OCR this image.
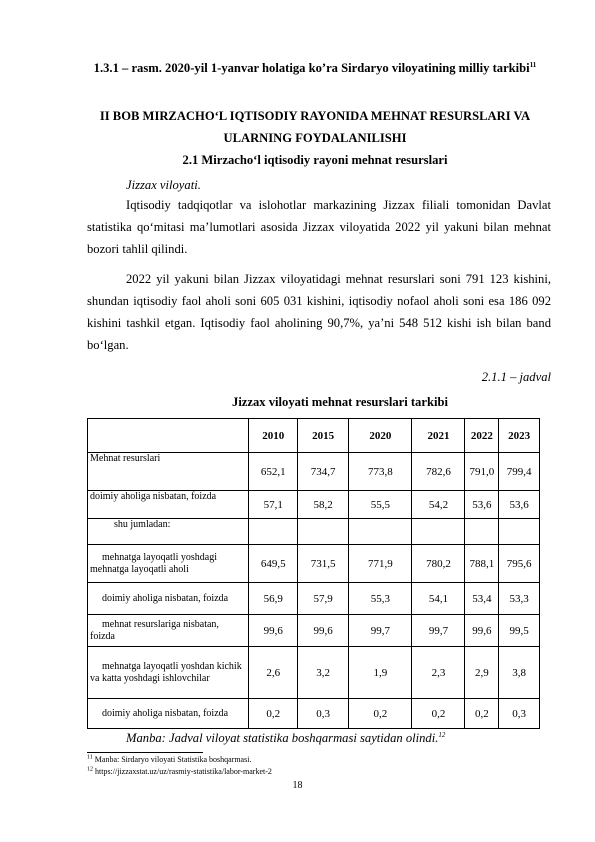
1.3.1 – rasm. 2020-yil 1-yanvar holatiga ko’ra Sirdaryo viloyatining milliy tarkibi$^{11}$
II BOB MIRZACHO‘L IQTISODIY RAYONIDA MEHNAT RESURSLARI VA ULARNING FOYDALANILISHI
2.1 Mirzacho‘l iqtisodiy rayoni mehnat resurslari
Jizzax viloyati.

Iqtisodiy tadqiqotlar va islohotlar markazining Jizzax filiali tomonidan Davlat statistika qo‘mitasi ma’lumotlari asosida Jizzax viloyatida 2022 yil yakuni bilan mehnat bozori tahlil qilindi.

2022 yil yakuni bilan Jizzax viloyatidagi mehnat resurslari soni 791 123 kishini, shundan iqtisodiy faol aholi soni 605 031 kishini, iqtisodiy nofaol aholi soni esa 186 092 kishini tashkil etgan. Iqtisodiy faol aholining 90,7%, ya’ni 548 512 kishi ish bilan band bo‘lgan.

2.1.1 – jadval
Jizzax viloyati mehnat resurslari tarkibi
	2010	2015	2020	2021	2022	2023
Mehnat resurslari	652,1	734,7	773,8	782,6	791,0	799,4
doimiy aholiga nisbatan, foizda	57,1	58,2	55,5	54,2	53,6	53,6
shu jumladan:						
mehnatga layoqatli yoshdagi mehnatga layoqatli aholi	649,5	731,5	771,9	780,2	788,1	795,6
doimiy aholiga nisbatan, foizda	56,9	57,9	55,3	54,1	53,4	53,3
mehnat resurslariga nisbatan, foizda	99,6	99,6	99,7	99,7	99,6	99,5
mehnatga layoqatli yoshdan kichik va katta yoshdagi ishlovchilar	2,6	3,2	1,9	2,3	2,9	3,8
doimiy aholiga nisbatan, foizda	0,2	0,3	0,2	0,2	0,2	0,3
Manba: Jadval viloyat statistika boshqarmasi saytidan olindi.$^{12}$
$^{11}$ Manba: Sirdaryo viloyati Statistika boshqarmasi.
$^{12}$ https://jizzaxstat.uz/uz/rasmiy-statistika/labor-market-2
18
